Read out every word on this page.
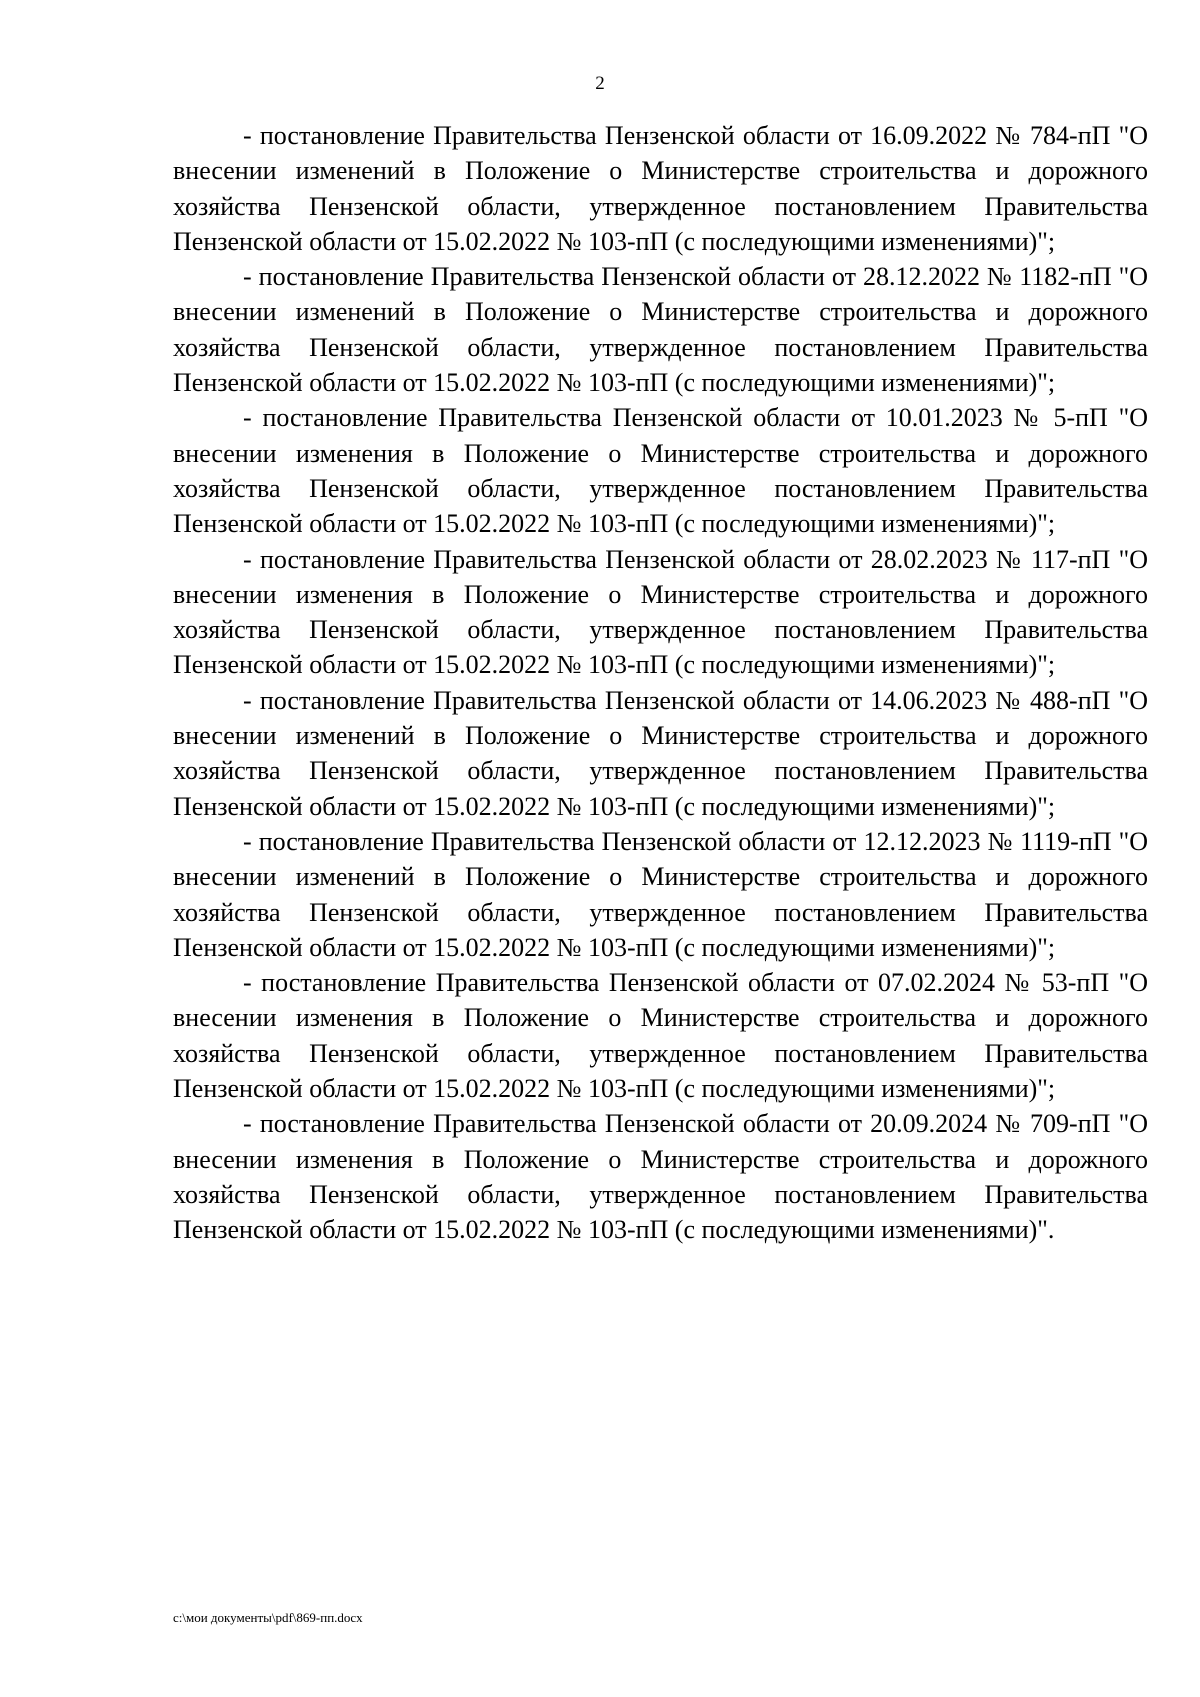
2

- постановление Правительства Пензенской области от 16.09.2022 № 784-пП "О внесении изменений в Положение о Министерстве строительства и дорожного хозяйства Пензенской области, утвержденное постановлением Правительства Пензенской области от 15.02.2022 № 103-пП (с последующими изменениями)";

- постановление Правительства Пензенской области от 28.12.2022 № 1182-пП "О внесении изменений в Положение о Министерстве строительства и дорожного хозяйства Пензенской области, утвержденное постановлением Правительства Пензенской области от 15.02.2022 № 103-пП (с последующими изменениями)";

- постановление Правительства Пензенской области от 10.01.2023 № 5-пП "О внесении изменения в Положение о Министерстве строительства и дорожного хозяйства Пензенской области, утвержденное постановлением Правительства Пензенской области от 15.02.2022 № 103-пП (с последующими изменениями)";

- постановление Правительства Пензенской области от 28.02.2023 № 117-пП "О внесении изменения в Положение о Министерстве строительства и дорожного хозяйства Пензенской области, утвержденное постановлением Правительства Пензенской области от 15.02.2022 № 103-пП (с последующими изменениями)";

- постановление Правительства Пензенской области от 14.06.2023 № 488-пП "О внесении изменений в Положение о Министерстве строительства и дорожного хозяйства Пензенской области, утвержденное постановлением Правительства Пензенской области от 15.02.2022 № 103-пП (с последующими изменениями)";

- постановление Правительства Пензенской области от 12.12.2023 № 1119-пП "О внесении изменений в Положение о Министерстве строительства и дорожного хозяйства Пензенской области, утвержденное постановлением Правительства Пензенской области от 15.02.2022 № 103-пП (с последующими изменениями)";

- постановление Правительства Пензенской области от 07.02.2024 № 53-пП "О внесении изменения в Положение о Министерстве строительства и дорожного хозяйства Пензенской области, утвержденное постановлением Правительства Пензенской области от 15.02.2022 № 103-пП (с последующими изменениями)";

- постановление Правительства Пензенской области от 20.09.2024 № 709-пП "О внесении изменения в Положение о Министерстве строительства и дорожного хозяйства Пензенской области, утвержденное постановлением Правительства Пензенской области от 15.02.2022 № 103-пП (с последующими изменениями)".

c:\мои документы\pdf\869-пп.docx
